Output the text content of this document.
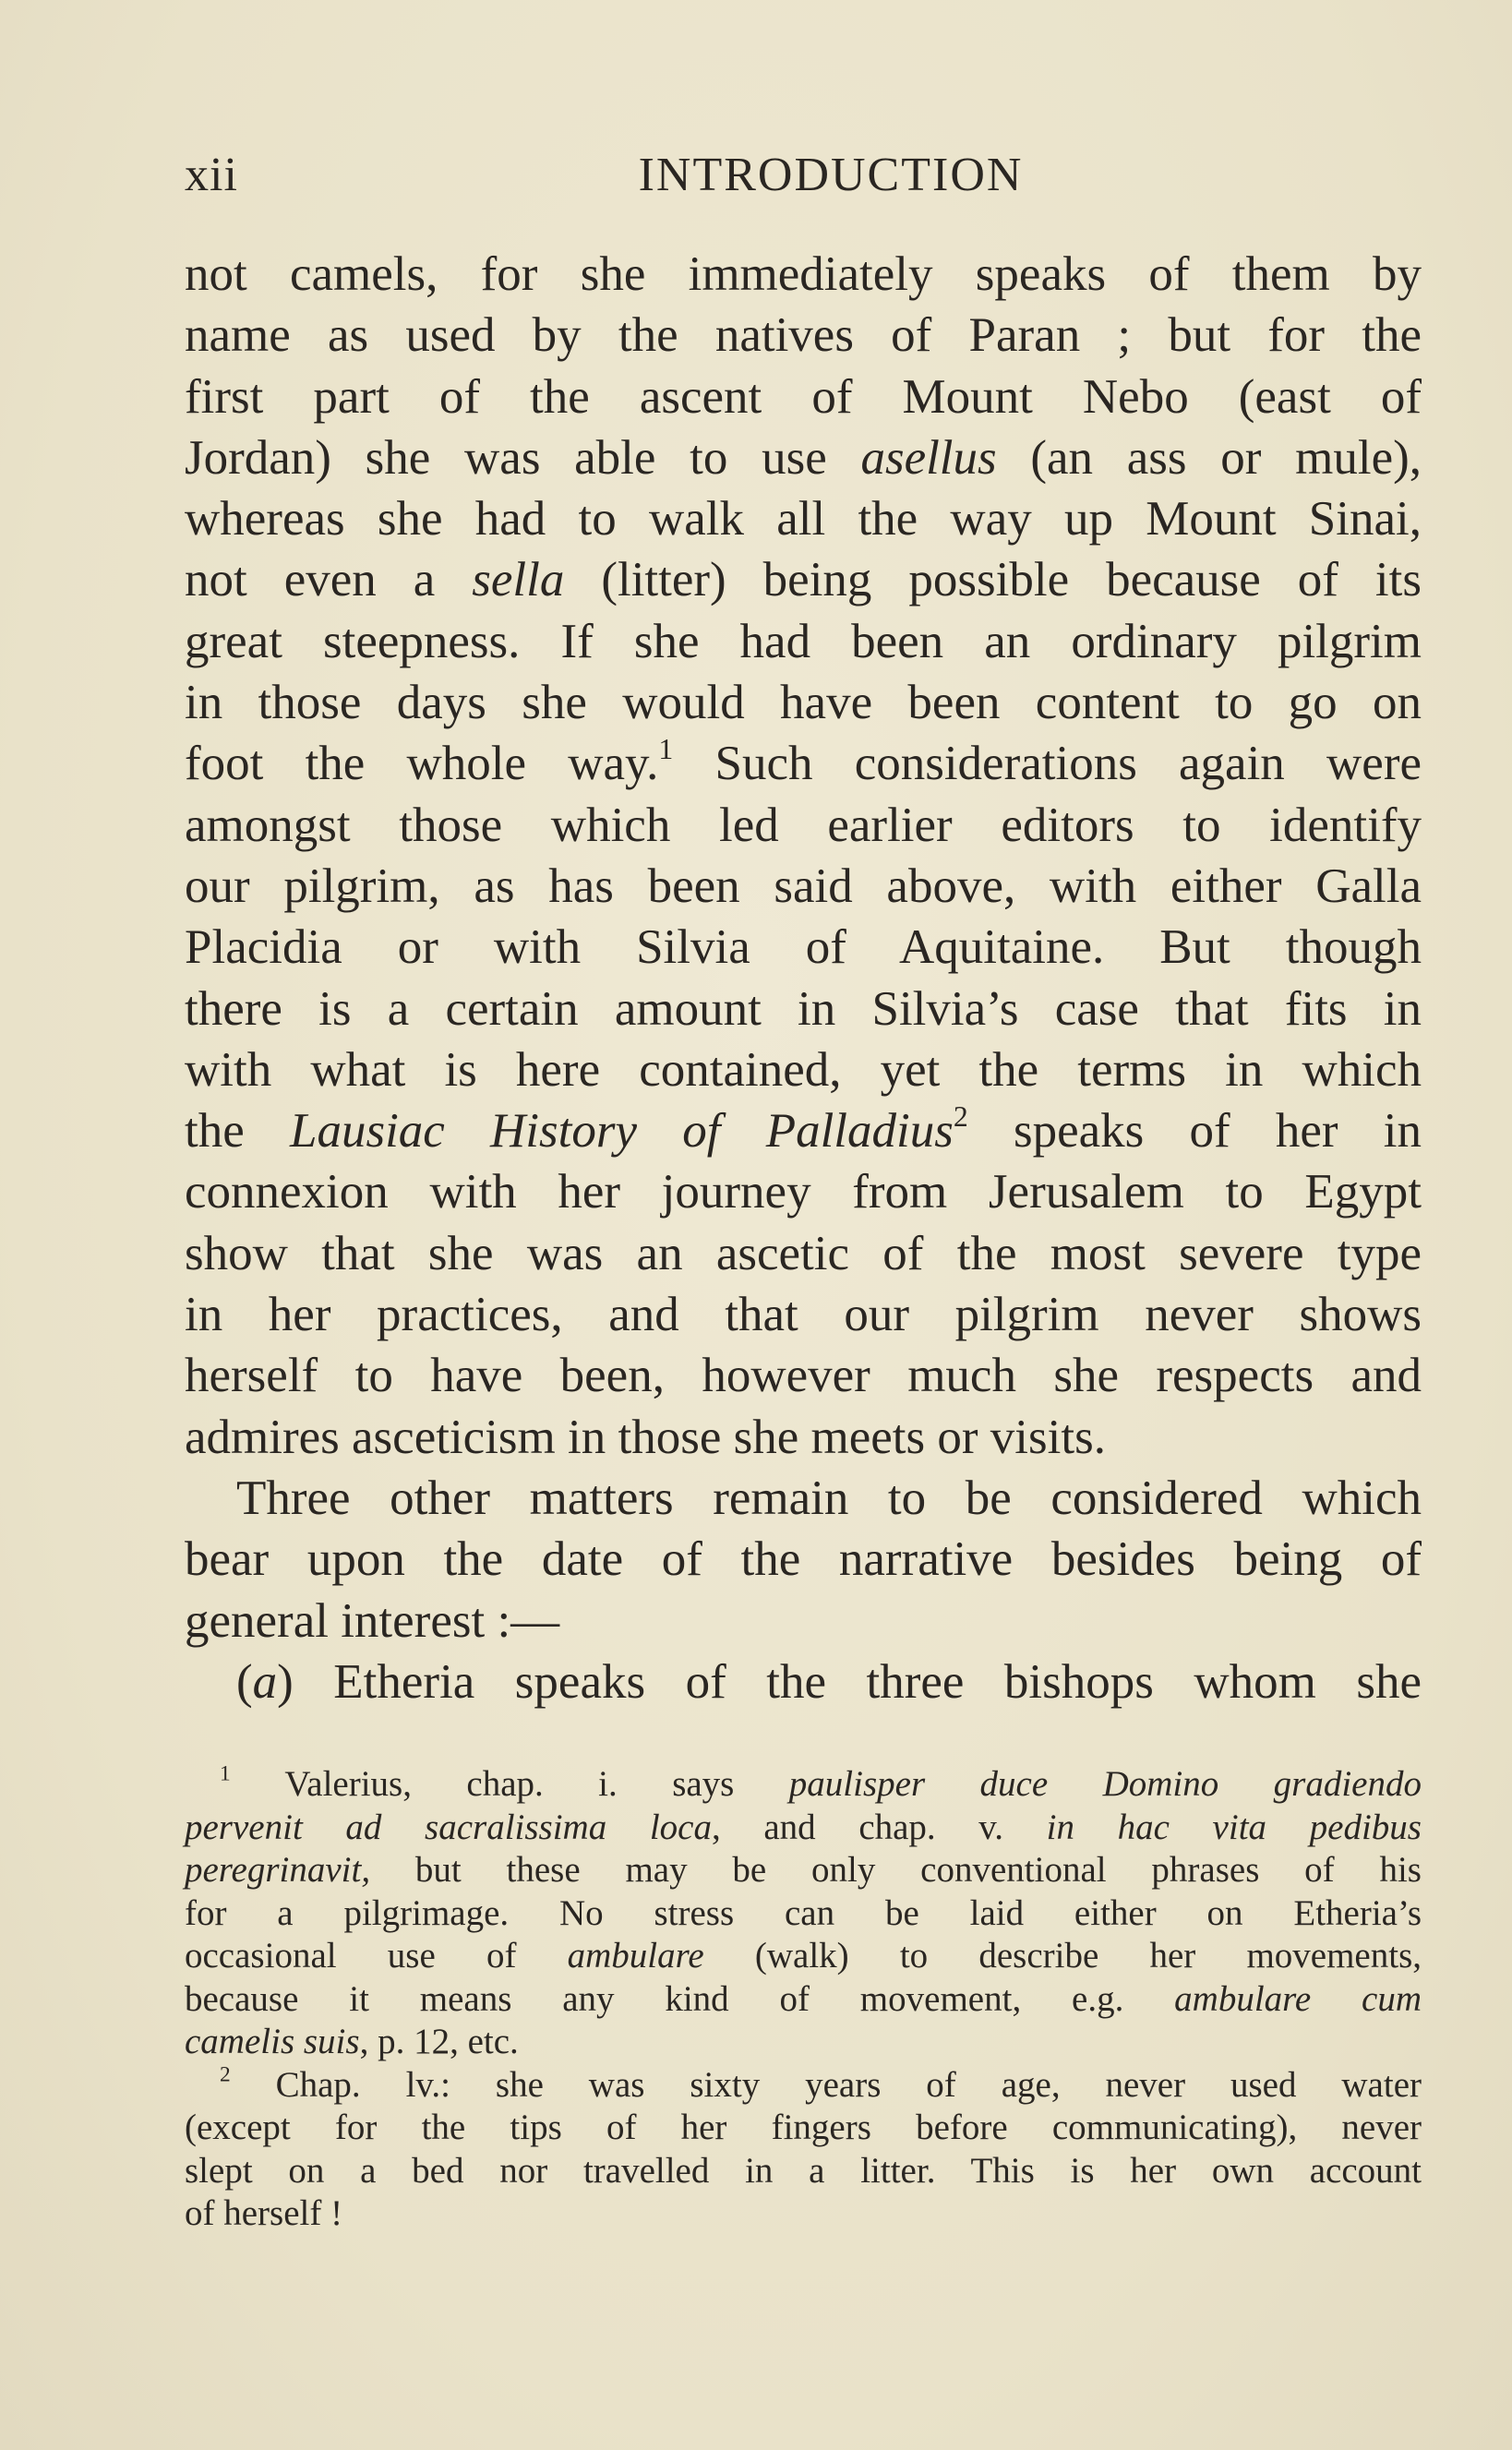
xii	INTRODUCTION
not camels, for she immediately speaks of them by
name as used by the natives of Paran ; but for the
first part of the ascent of Mount Nebo (east of
Jordan) she was able to use asellus (an ass or mule),
whereas she had to walk all the way up Mount Sinai,
not even a sella (litter) being possible because of its
great steepness. If she had been an ordinary pilgrim
in those days she would have been content to go on
foot the whole way.$^1$ Such considerations again were
amongst those which led earlier editors to identify
our pilgrim, as has been said above, with either Galla
Placidia or with Silvia of Aquitaine. But though
there is a certain amount in Silvia’s case that fits in
with what is here contained, yet the terms in which
the Lausiac History of Palladius$^2$ speaks of her in
connexion with her journey from Jerusalem to Egypt
show that she was an ascetic of the most severe type
in her practices, and that our pilgrim never shows
herself to have been, however much she respects and
admires asceticism in those she meets or visits.
Three other matters remain to be considered which
bear upon the date of the narrative besides being of
general interest :—
(a) Etheria speaks of the three bishops whom she
$^1$ Valerius, chap. i. says paulisper duce Domino gradiendo
pervenit ad sacralissima loca, and chap. v. in hac vita pedibus
peregrinavit, but these may be only conventional phrases of his
for a pilgrimage. No stress can be laid either on Etheria’s
occasional use of ambulare (walk) to describe her movements,
because it means any kind of movement, e.g. ambulare cum
camelis suis, p. 12, etc.
$^2$ Chap. lv.: she was sixty years of age, never used water
(except for the tips of her fingers before communicating), never
slept on a bed nor travelled in a litter. This is her own account
of herself !
